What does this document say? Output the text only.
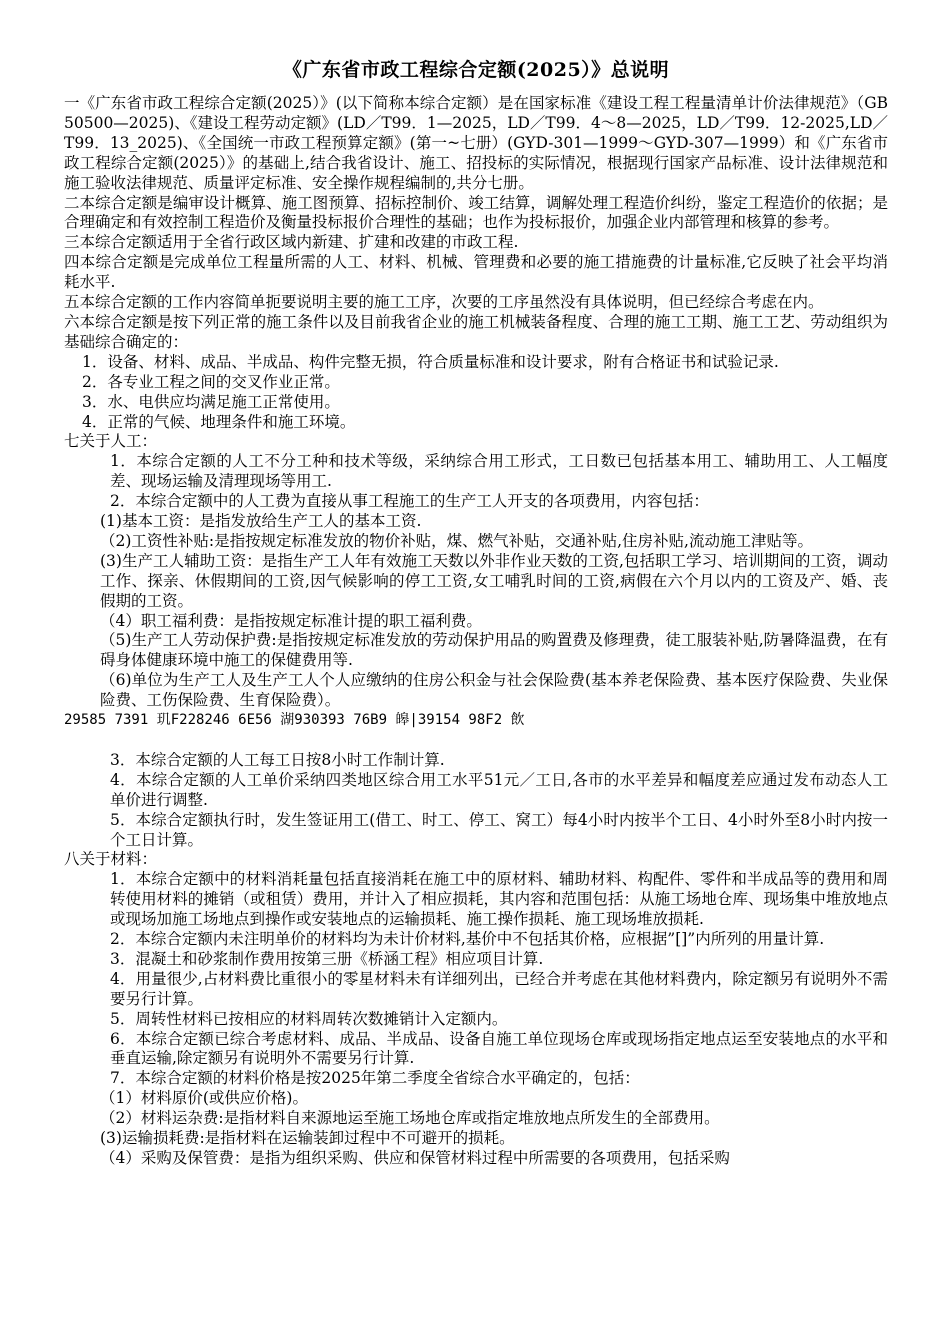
《广东省市政工程综合定额(2025）》总说明
一《广东省市政工程综合定额(2025）》(以下简称本综合定额）是在国家标准《建设工程工程量清单计价法律规范》（GB50500—2025)、《建设工程劳动定额》(LD／T99．1—2025，LD／T99．4～8—2025，LD／T99．12-2025,LD／T99．13_2025)、《全国统一市政工程预算定额》(第一~七册）(GYD-301—1999～GYD-307—1999）和《广东省市政工程综合定额(2025）》的基础上,结合我省设计、施工、招投标的实际情况，根据现行国家产品标准、设计法律规范和施工验收法律规范、质量评定标准、安全操作规程编制的,共分七册。
二本综合定额是编审设计概算、施工图预算、招标控制价、竣工结算，调解处理工程造价纠纷，鉴定工程造价的依据；是合理确定和有效控制工程造价及衡量投标报价合理性的基础；也作为投标报价，加强企业内部管理和核算的参考。
三本综合定额适用于全省行政区域内新建、扩建和改建的市政工程.
四本综合定额是完成单位工程量所需的人工、材料、机械、管理费和必要的施工措施费的计量标准,它反映了社会平均消耗水平.
五本综合定额的工作内容简单扼要说明主要的施工工序，次要的工序虽然没有具体说明，但已经综合考虑在内。
六本综合定额是按下列正常的施工条件以及目前我省企业的施工机械装备程度、合理的施工工期、施工工艺、劳动组织为基础综合确定的：
1．设备、材料、成品、半成品、构件完整无损，符合质量标准和设计要求，附有合格证书和试验记录.
2．各专业工程之间的交叉作业正常。
3．水、电供应均满足施工正常使用。
4．正常的气候、地理条件和施工环境。
七关于人工：
1．本综合定额的人工不分工种和技术等级，采纳综合用工形式，工日数已包括基本用工、辅助用工、人工幅度差、现场运输及清理现场等用工.
2．本综合定额中的人工费为直接从事工程施工的生产工人开支的各项费用，内容包括：
(1)基本工资：是指发放给生产工人的基本工资.
（2)工资性补贴:是指按规定标准发放的物价补贴，煤、燃气补贴，交通补贴,住房补贴,流动施工津贴等。
(3)生产工人辅助工资：是指生产工人年有效施工天数以外非作业天数的工资,包括职工学习、培训期间的工资，调动工作、探亲、休假期间的工资,因气候影响的停工工资,女工哺乳时间的工资,病假在六个月以内的工资及产、婚、丧假期的工资。
（4）职工福利费：是指按规定标准计提的职工福利费。
（5)生产工人劳动保护费:是指按规定标准发放的劳动保护用品的购置费及修理费，徒工服装补贴,防暑降温费，在有碍身体健康环境中施工的保健费用等.
（6)单位为生产工人及生产工人个人应缴纳的住房公积金与社会保险费(基本养老保险费、基本医疗保险费、失业保险费、工伤保险费、生育保险费）。
29585 7391 玑F228246 6E56 湖930393 76B9 皞|39154 98F2 飲
3．本综合定额的人工每工日按8小时工作制计算.
4．本综合定额的人工单价采纳四类地区综合用工水平51元／工日,各市的水平差异和幅度差应通过发布动态人工单价进行调整.
5．本综合定额执行时，发生签证用工(借工、时工、停工、窝工）每4小时内按半个工日、4小时外至8小时内按一个工日计算。
八关于材料：
1．本综合定额中的材料消耗量包括直接消耗在施工中的原材料、辅助材料、构配件、零件和半成品等的费用和周转使用材料的摊销（或租赁）费用，并计入了相应损耗，其内容和范围包括：从施工场地仓库、现场集中堆放地点或现场加施工场地点到操作或安装地点的运输损耗、施工操作损耗、施工现场堆放损耗.
2．本综合定额内未注明单价的材料均为未计价材料,基价中不包括其价格，应根据”[]”内所列的用量计算.
3．混凝土和砂浆制作费用按第三册《桥涵工程》相应项目计算.
4．用量很少,占材料费比重很小的零星材料未有详细列出，已经合并考虑在其他材料费内，除定额另有说明外不需要另行计算。
5．周转性材料已按相应的材料周转次数摊销计入定额内。
6．本综合定额已综合考虑材料、成品、半成品、设备自施工单位现场仓库或现场指定地点运至安装地点的水平和垂直运输,除定额另有说明外不需要另行计算.
7．本综合定额的材料价格是按2025年第二季度全省综合水平确定的，包括：
（1）材料原价(或供应价格)。
（2）材料运杂费:是指材料自来源地运至施工场地仓库或指定堆放地点所发生的全部费用。
(3)运输损耗费:是指材料在运输装卸过程中不可避开的损耗。
（4）采购及保管费：是指为组织采购、供应和保管材料过程中所需要的各项费用，包括采购
